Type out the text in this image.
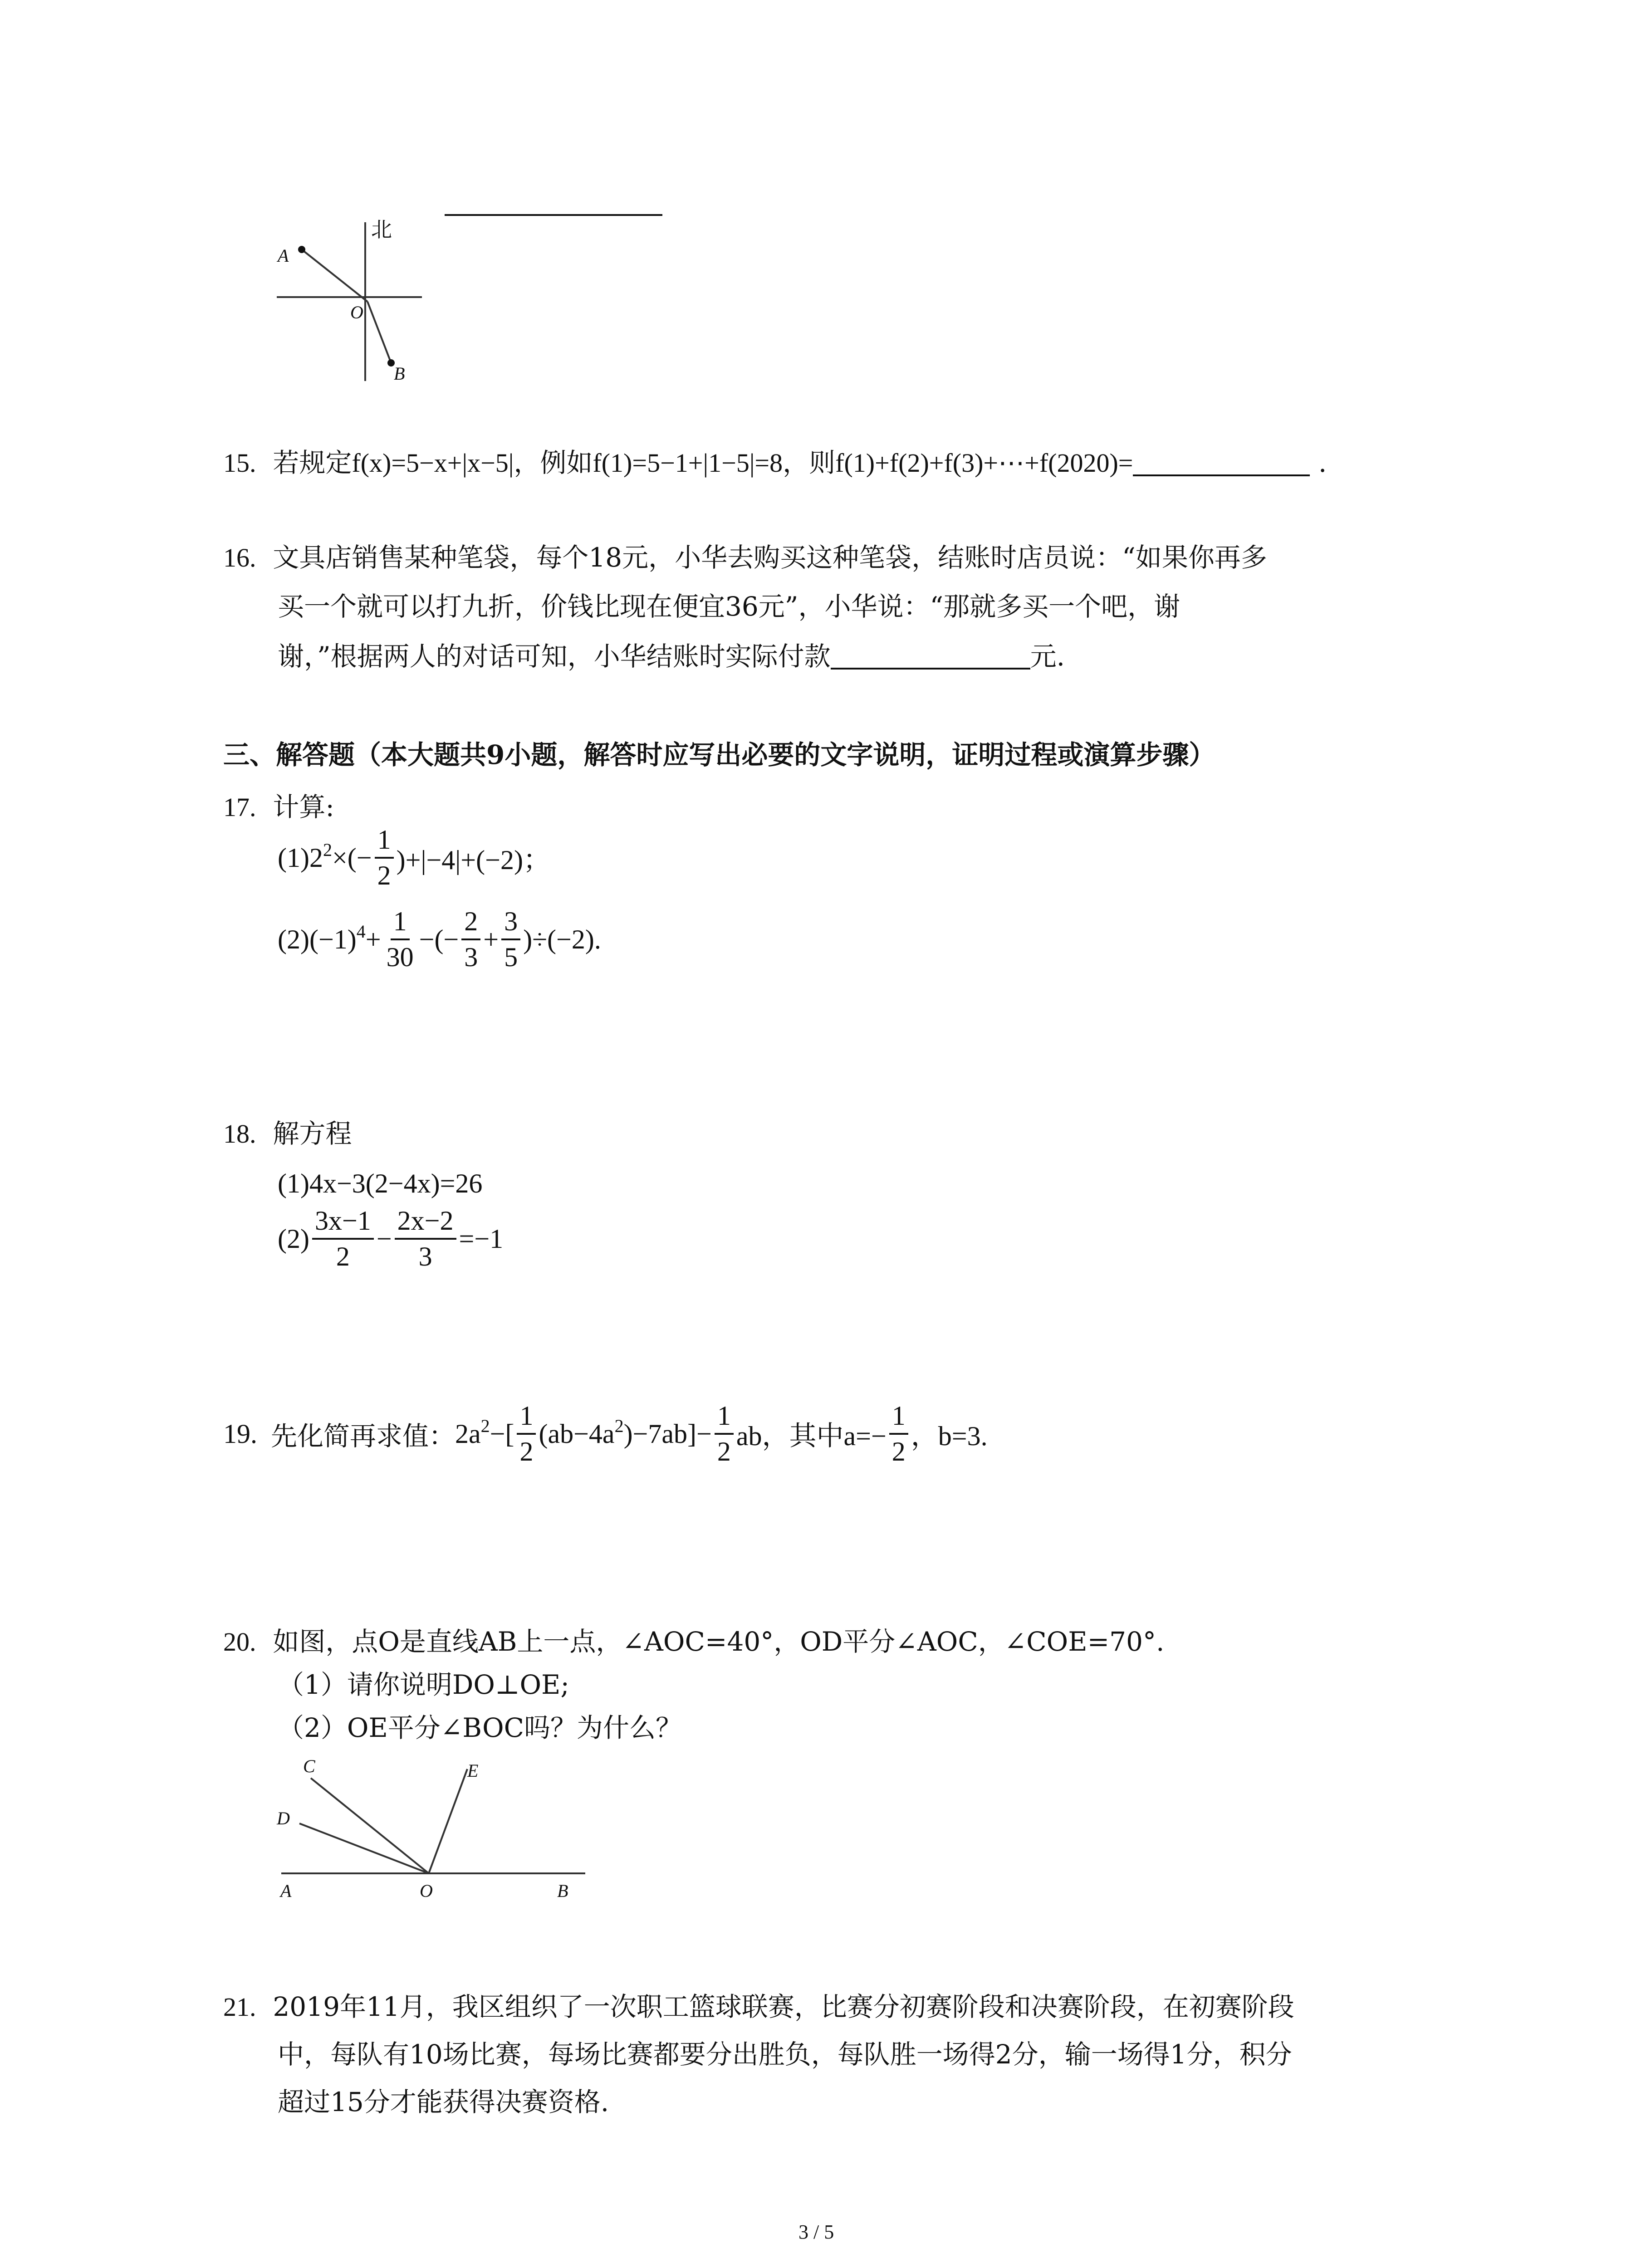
北
A
O
B
15. 若规定f(x)=5−x+|x−5|，例如f(1)=5−1+|1−5|=8，则f(1)+f(2)+f(3)+⋯+f(2020)=	.
16. 文具店销售某种笔袋，每个18元，小华去购买这种笔袋，结账时店员说：“如果你再多
买一个就可以打九折，价钱比现在便宜36元”，小华说：“那就多买一个吧，谢
谢，”根据两人的对话可知，小华结账时实际付款	元.
三、解答题（本大题共9小题，解答时应写出必要的文字说明，证明过程或演算步骤）
17. 计算:
$(1)2^2$ ×(− $\frac{1}{2} )+|-4|+(-2)$；
$(2)(-1)^4 + \frac{1}{30}$ −(− $\frac{2}{3} + \frac{3}{5} )\div(-2)$.
18. 解方程
(1)4x−3(2−4x)=26
$(2) \frac{3x-1}{2} - \frac{2x-2}{3} =-1$
19.
先化简再求值： $2a^2$ −[ $\frac{1}{2} (ab-4a^2$ )$-7ab]- \frac{1}{2}$ ab，其中$a=- \frac{1}{2}$ ，b=3.
20. 如图，点O是直线AB上一点，∠AOC=40°，OD平分∠AOC，∠COE=70°.
（1）请你说明DO⊥OE;
（2）OE平分∠BOC吗？为什么？
C
D
E
A	O	B
21. 2019年11月，我区组织了一次职工篮球联赛，比赛分初赛阶段和决赛阶段，在初赛阶段
中，每队有10场比赛，每场比赛都要分出胜负，每队胜一场得2分，输一场得1分，积分
超过15分才能获得决赛资格.
3 / 5
